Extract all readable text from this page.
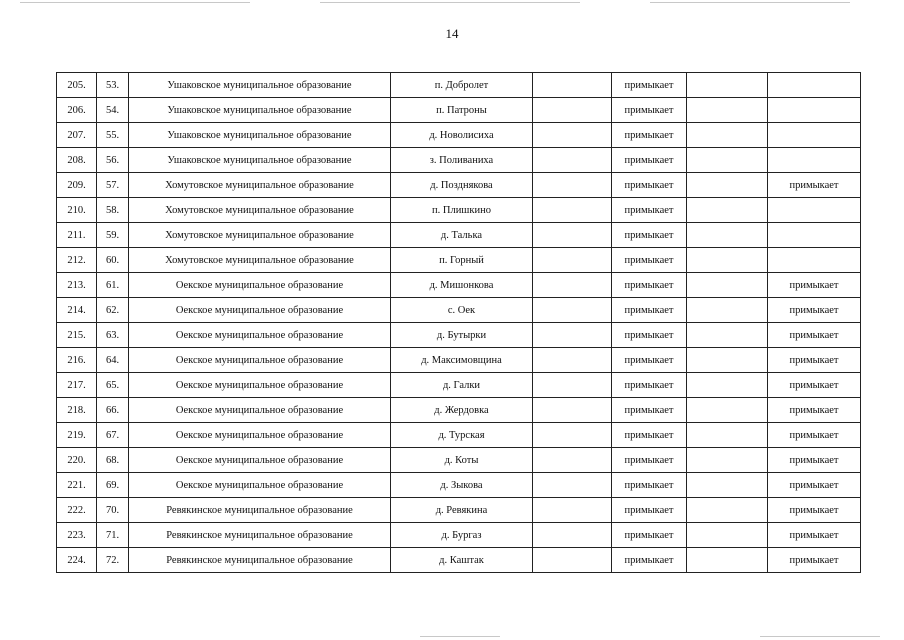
14
205.	53.	Ушаковское муниципальное образование	п. Добролет		примыкает		
206.	54.	Ушаковское муниципальное образование	п. Патроны		примыкает		
207.	55.	Ушаковское муниципальное образование	д. Новолисиха		примыкает		
208.	56.	Ушаковское муниципальное образование	з. Поливаниха		примыкает		
209.	57.	Хомутовское муниципальное образование	д. Позднякова		примыкает		примыкает
210.	58.	Хомутовское муниципальное образование	п. Плишкино		примыкает		
211.	59.	Хомутовское муниципальное образование	д. Талька		примыкает		
212.	60.	Хомутовское муниципальное образование	п. Горный		примыкает		
213.	61.	Оекское муниципальное образование	д. Мишонкова		примыкает		примыкает
214.	62.	Оекское муниципальное образование	с. Оек		примыкает		примыкает
215.	63.	Оекское муниципальное образование	д. Бутырки		примыкает		примыкает
216.	64.	Оекское муниципальное образование	д. Максимовщина		примыкает		примыкает
217.	65.	Оекское муниципальное образование	д. Галки		примыкает		примыкает
218.	66.	Оекское муниципальное образование	д. Жердовка		примыкает		примыкает
219.	67.	Оекское муниципальное образование	д. Турская		примыкает		примыкает
220.	68.	Оекское муниципальное образование	д. Коты		примыкает		примыкает
221.	69.	Оекское муниципальное образование	д. Зыкова		примыкает		примыкает
222.	70.	Ревякинское муниципальное образование	д. Ревякина		примыкает		примыкает
223.	71.	Ревякинское муниципальное образование	д. Бургаз		примыкает		примыкает
224.	72.	Ревякинское муниципальное образование	д. Каштак		примыкает		примыкает
